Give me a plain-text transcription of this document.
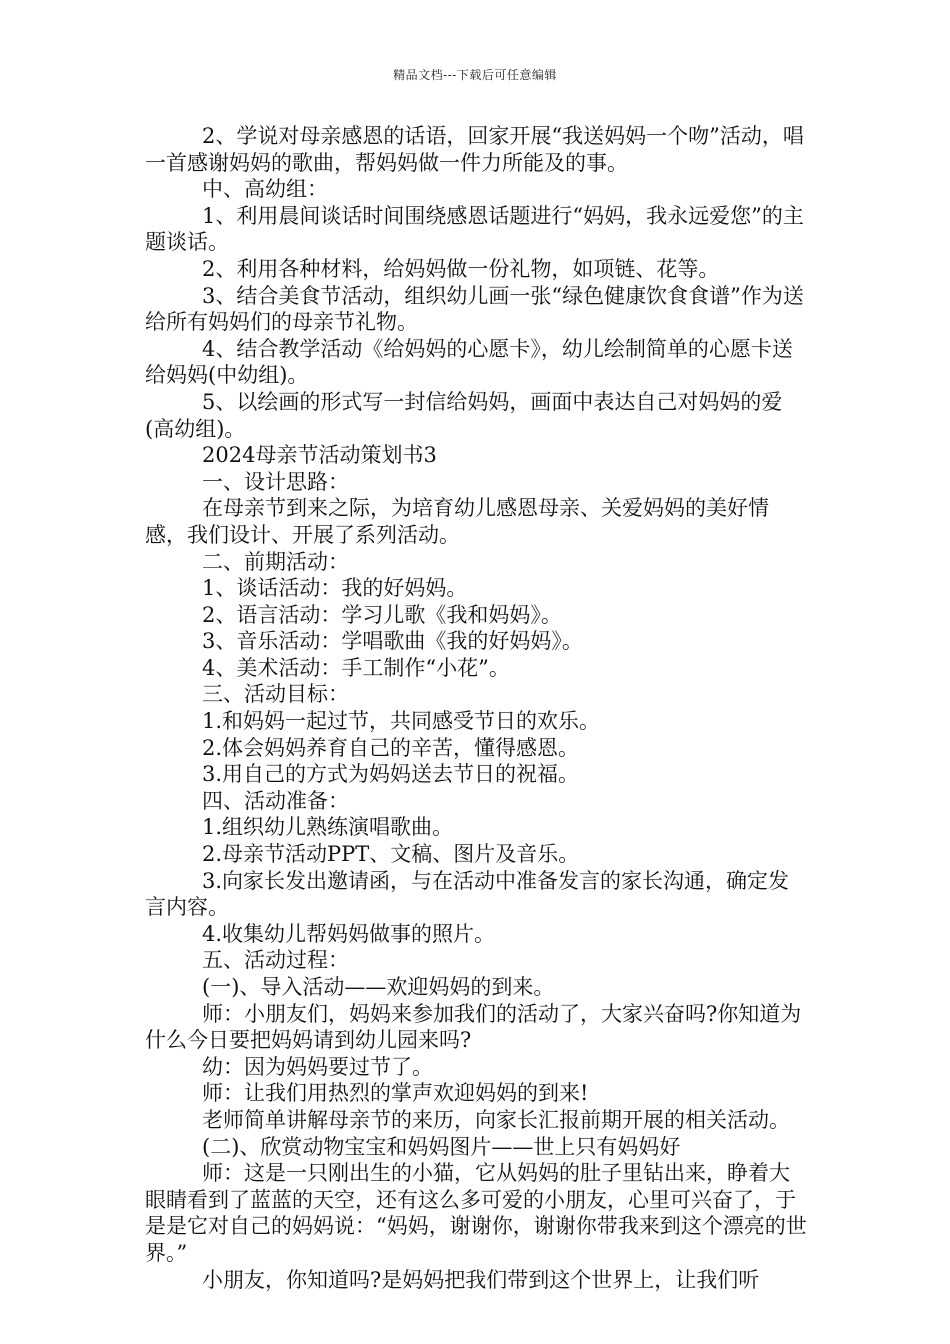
精品文档---下载后可任意编辑

2、学说对母亲感恩的话语，回家开展“我送妈妈一个吻”活动，唱一首感谢妈妈的歌曲，帮妈妈做一件力所能及的事。

中、高幼组：

1、利用晨间谈话时间围绕感恩话题进行“妈妈，我永远爱您”的主题谈话。

2、利用各种材料，给妈妈做一份礼物，如项链、花等。

3、结合美食节活动，组织幼儿画一张“绿色健康饮食食谱”作为送给所有妈妈们的母亲节礼物。

4、结合教学活动《给妈妈的心愿卡》，幼儿绘制简单的心愿卡送给妈妈(中幼组)。

5、以绘画的形式写一封信给妈妈，画面中表达自己对妈妈的爱(高幼组)。

2024母亲节活动策划书3

一、设计思路：

在母亲节到来之际，为培育幼儿感恩母亲、关爱妈妈的美好情感，我们设计、开展了系列活动。

二、前期活动：

1、谈话活动：我的好妈妈。

2、语言活动：学习儿歌《我和妈妈》。

3、音乐活动：学唱歌曲《我的好妈妈》。

4、美术活动：手工制作“小花”。

三、活动目标：

1.和妈妈一起过节，共同感受节日的欢乐。

2.体会妈妈养育自己的辛苦，懂得感恩。

3.用自己的方式为妈妈送去节日的祝福。

四、活动准备：

1.组织幼儿熟练演唱歌曲。

2.母亲节活动PPT、文稿、图片及音乐。

3.向家长发出邀请函，与在活动中准备发言的家长沟通，确定发言内容。

4.收集幼儿帮妈妈做事的照片。

五、活动过程：

(一)、导入活动——欢迎妈妈的到来。

师：小朋友们，妈妈来参加我们的活动了，大家兴奋吗?你知道为什么今日要把妈妈请到幼儿园来吗?

幼：因为妈妈要过节了。

师：让我们用热烈的掌声欢迎妈妈的到来!

老师简单讲解母亲节的来历，向家长汇报前期开展的相关活动。

(二)、欣赏动物宝宝和妈妈图片——世上只有妈妈好

师：这是一只刚出生的小猫，它从妈妈的肚子里钻出来，睁着大眼睛看到了蓝蓝的天空，还有这么多可爱的小朋友，心里可兴奋了，于是是它对自己的妈妈说：“妈妈，谢谢你，谢谢你带我来到这个漂亮的世界。”

小朋友，你知道吗?是妈妈把我们带到这个世界上，让我们听
